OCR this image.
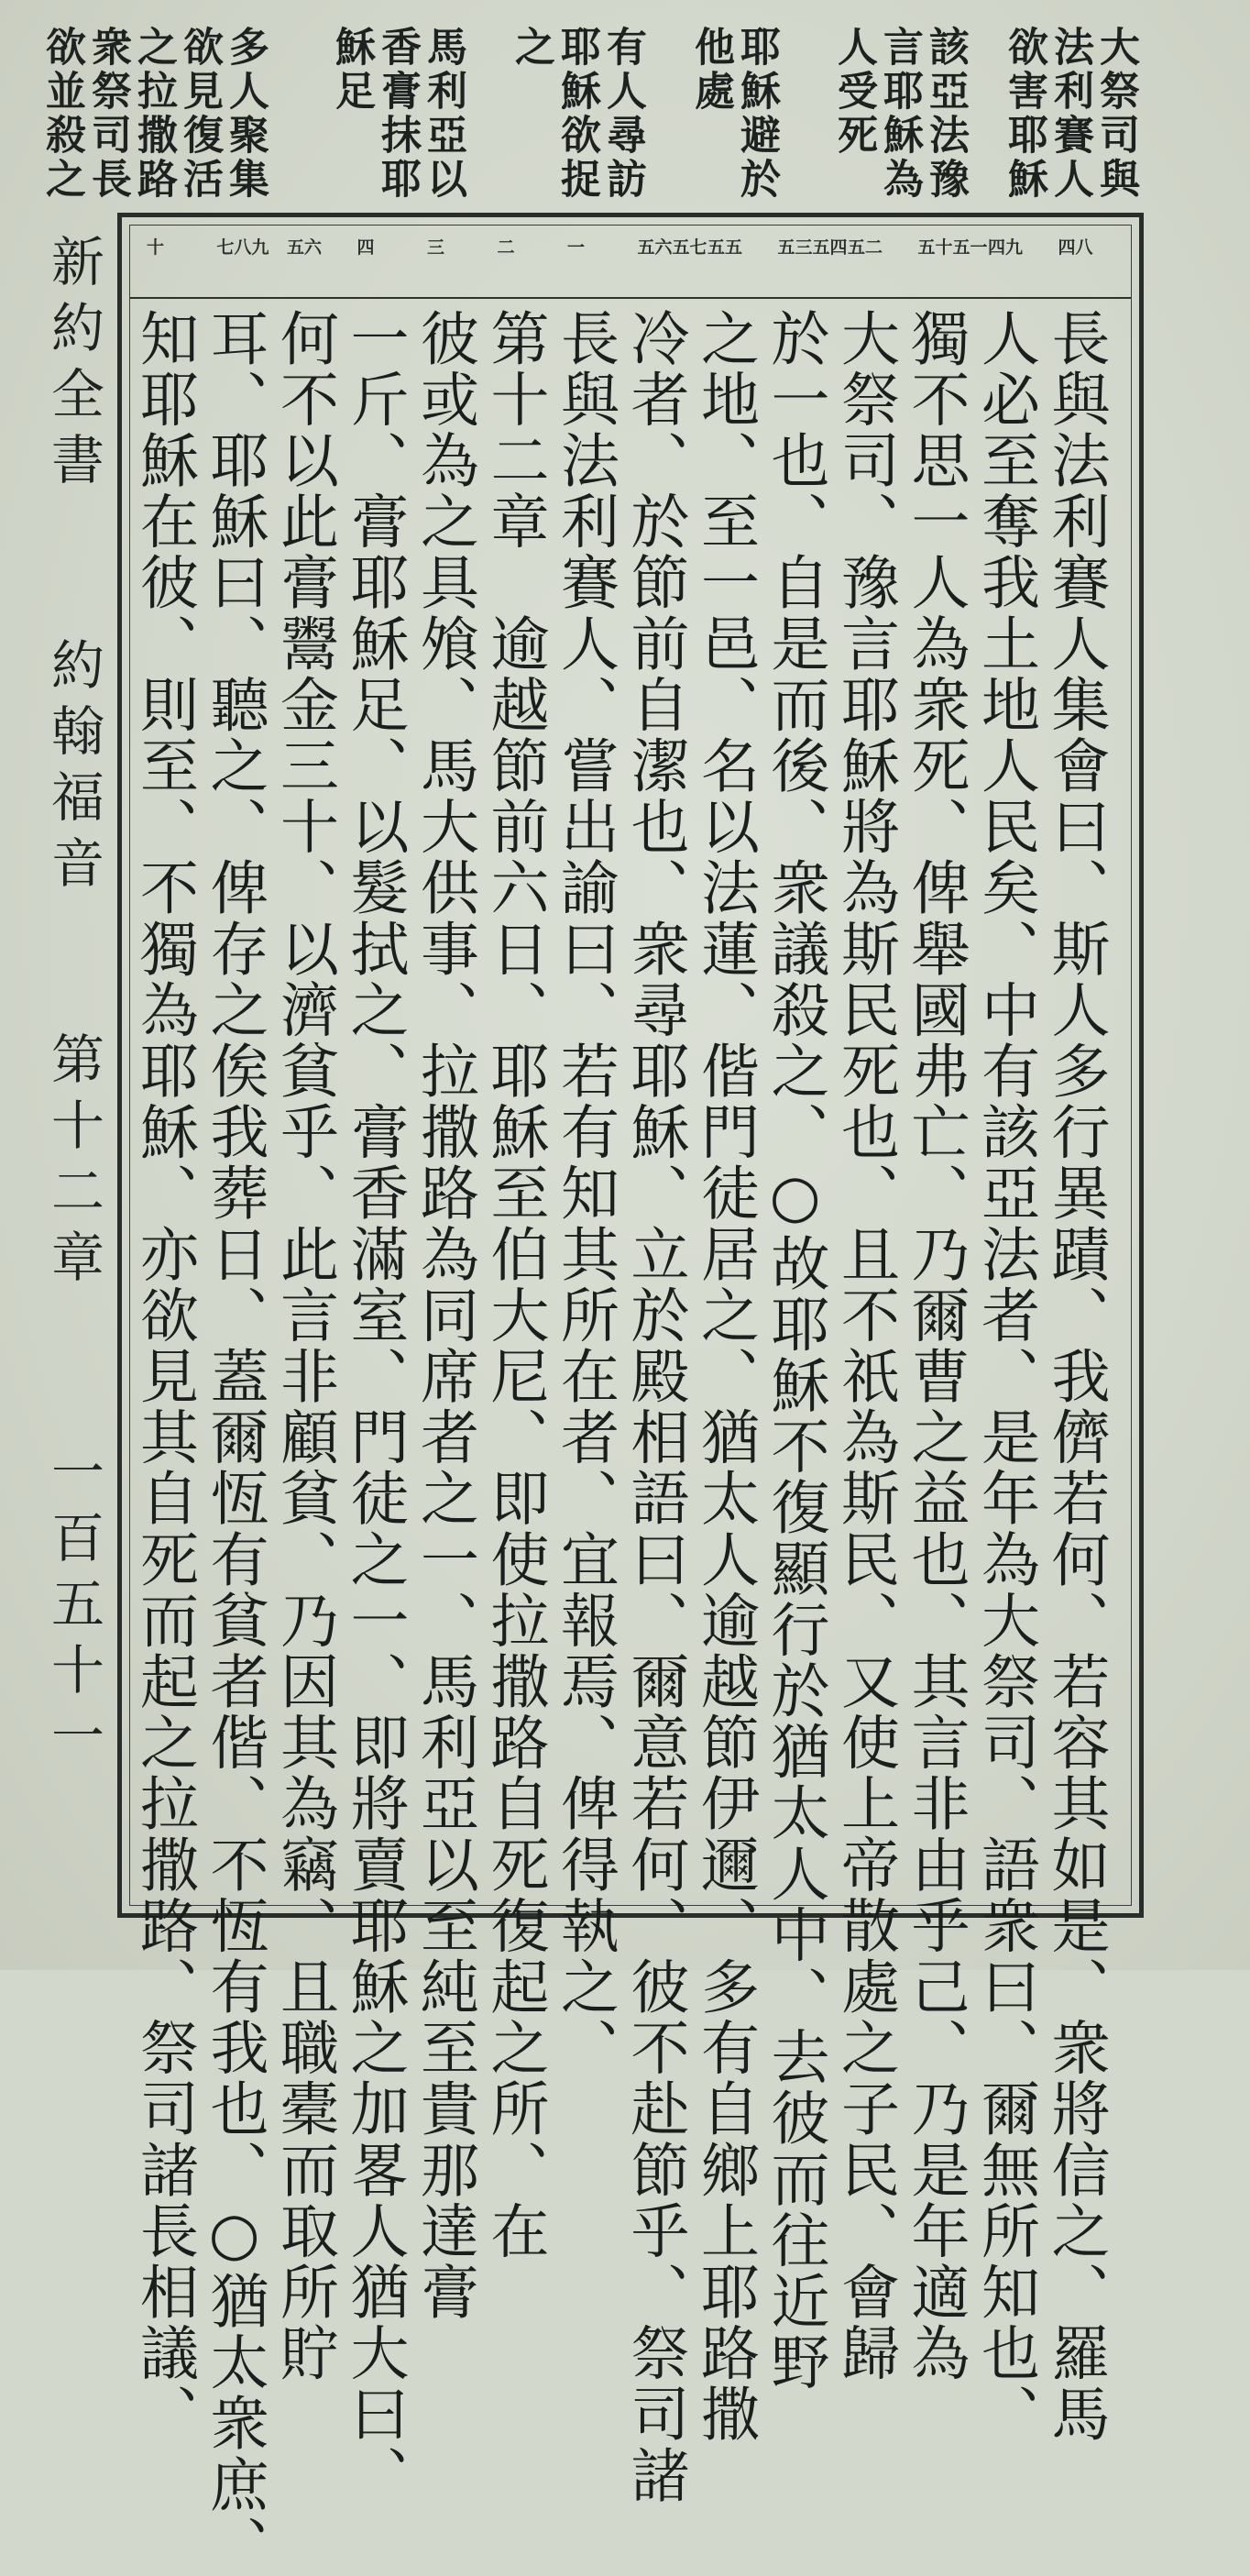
大祭司與
法利賽人
欲害耶穌
該亞法豫
言耶穌為
人受死
耶穌避於
他處
有人尋訪
耶穌欲捉
之
馬利亞以
香膏抹耶
穌足
多人聚集
欲見復活
之拉撒路
衆祭司長
欲並殺之
新約全書
約翰福音
第十二章
一百五十一
四八
四九
五十五一
五二
五三五四
五五
五六五七
一
二
三
四
五六
七八九
十
長與法利賽人集會曰、斯人多行異蹟、我儕若何、若容其如是、衆將信之、羅馬
人必至奪我土地人民矣、中有該亞法者、是年為大祭司、語衆曰、爾無所知也、
獨不思一人為衆死、俾舉國弗亡、乃爾曹之益也、其言非由乎己、乃是年適為
大祭司、豫言耶穌將為斯民死也、且不祇為斯民、又使上帝散處之子民、會歸
於一也、自是而後、衆議殺之、○故耶穌不復顯行於猶太人中、去彼而往近野
之地、至一邑、名以法蓮、偕門徒居之、猶太人逾越節伊邇、多有自鄉上耶路撒
冷者、於節前自潔也、衆尋耶穌、立於殿相語曰、爾意若何、彼不赴節乎、祭司諸
長與法利賽人、嘗出諭曰、若有知其所在者、宜報焉、俾得執之、
第十二章　逾越節前六日、耶穌至伯大尼、即使拉撒路自死復起之所、在
彼或為之具飧、馬大供事、拉撒路為同席者之一、馬利亞以至純至貴那達膏
一斤、膏耶穌足、以髮拭之、膏香滿室、門徒之一、即將賣耶穌之加畧人猶大曰、
何不以此膏鬻金三十、以濟貧乎、此言非顧貧、乃因其為竊、且職橐而取所貯
耳、耶穌曰、聽之、俾存之俟我葬日、蓋爾恆有貧者偕、不恆有我也、○猶太衆庶、
知耶穌在彼、則至、不獨為耶穌、亦欲見其自死而起之拉撒路、祭司諸長相議、
